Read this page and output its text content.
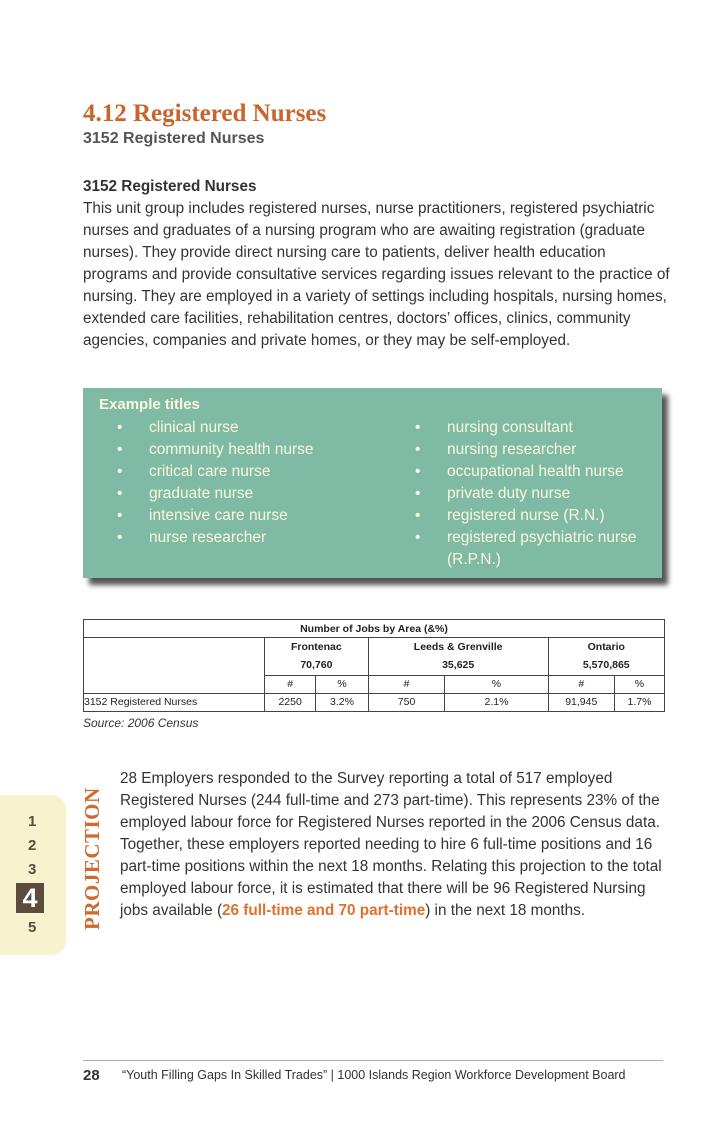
4.12 Registered Nurses
3152 Registered Nurses
3152 Registered Nurses
This unit group includes registered nurses, nurse practitioners, registered psychiatric nurses and graduates of a nursing program who are awaiting registration (graduate nurses). They provide direct nursing care to patients, deliver health education programs and provide consultative services regarding issues relevant to the practice of nursing. They are employed in a variety of settings including hospitals, nursing homes, extended care facilities, rehabilitation centres, doctors’ offices, clinics, community agencies, companies and private homes, or they may be self-employed.
Example titles
• clinical nurse
• community health nurse
• critical care nurse
• graduate nurse
• intensive care nurse
• nurse researcher
• nursing consultant
• nursing researcher
• occupational health nurse
• private duty nurse
• registered nurse (R.N.)
• registered psychiatric nurse (R.P.N.)
Number of Jobs by Area (&%)						
	Frontenac		Leeds & Grenville		Ontario	
	70,760		35,625		5,570,865	
	#	%	#	%	#	%
3152 Registered Nurses	2250	3.2%	750	2.1%	91,945	1.7%
Source: 2006 Census
1
2
3
4
5 PROJECTION
28 Employers responded to the Survey reporting a total of 517 employed Registered Nurses (244 full-time and 273 part-time). This represents 23% of the employed labour force for Registered Nurses reported in the 2006 Census data. Together, these employers reported needing to hire 6 full-time positions and 16 part-time positions within the next 18 months. Relating this projection to the total employed labour force, it is estimated that there will be 96 Registered Nursing jobs available (26 full-time and 70 part-time) in the next 18 months.
28 “Youth Filling Gaps In Skilled Trades” | 1000 Islands Region Workforce Development Board
